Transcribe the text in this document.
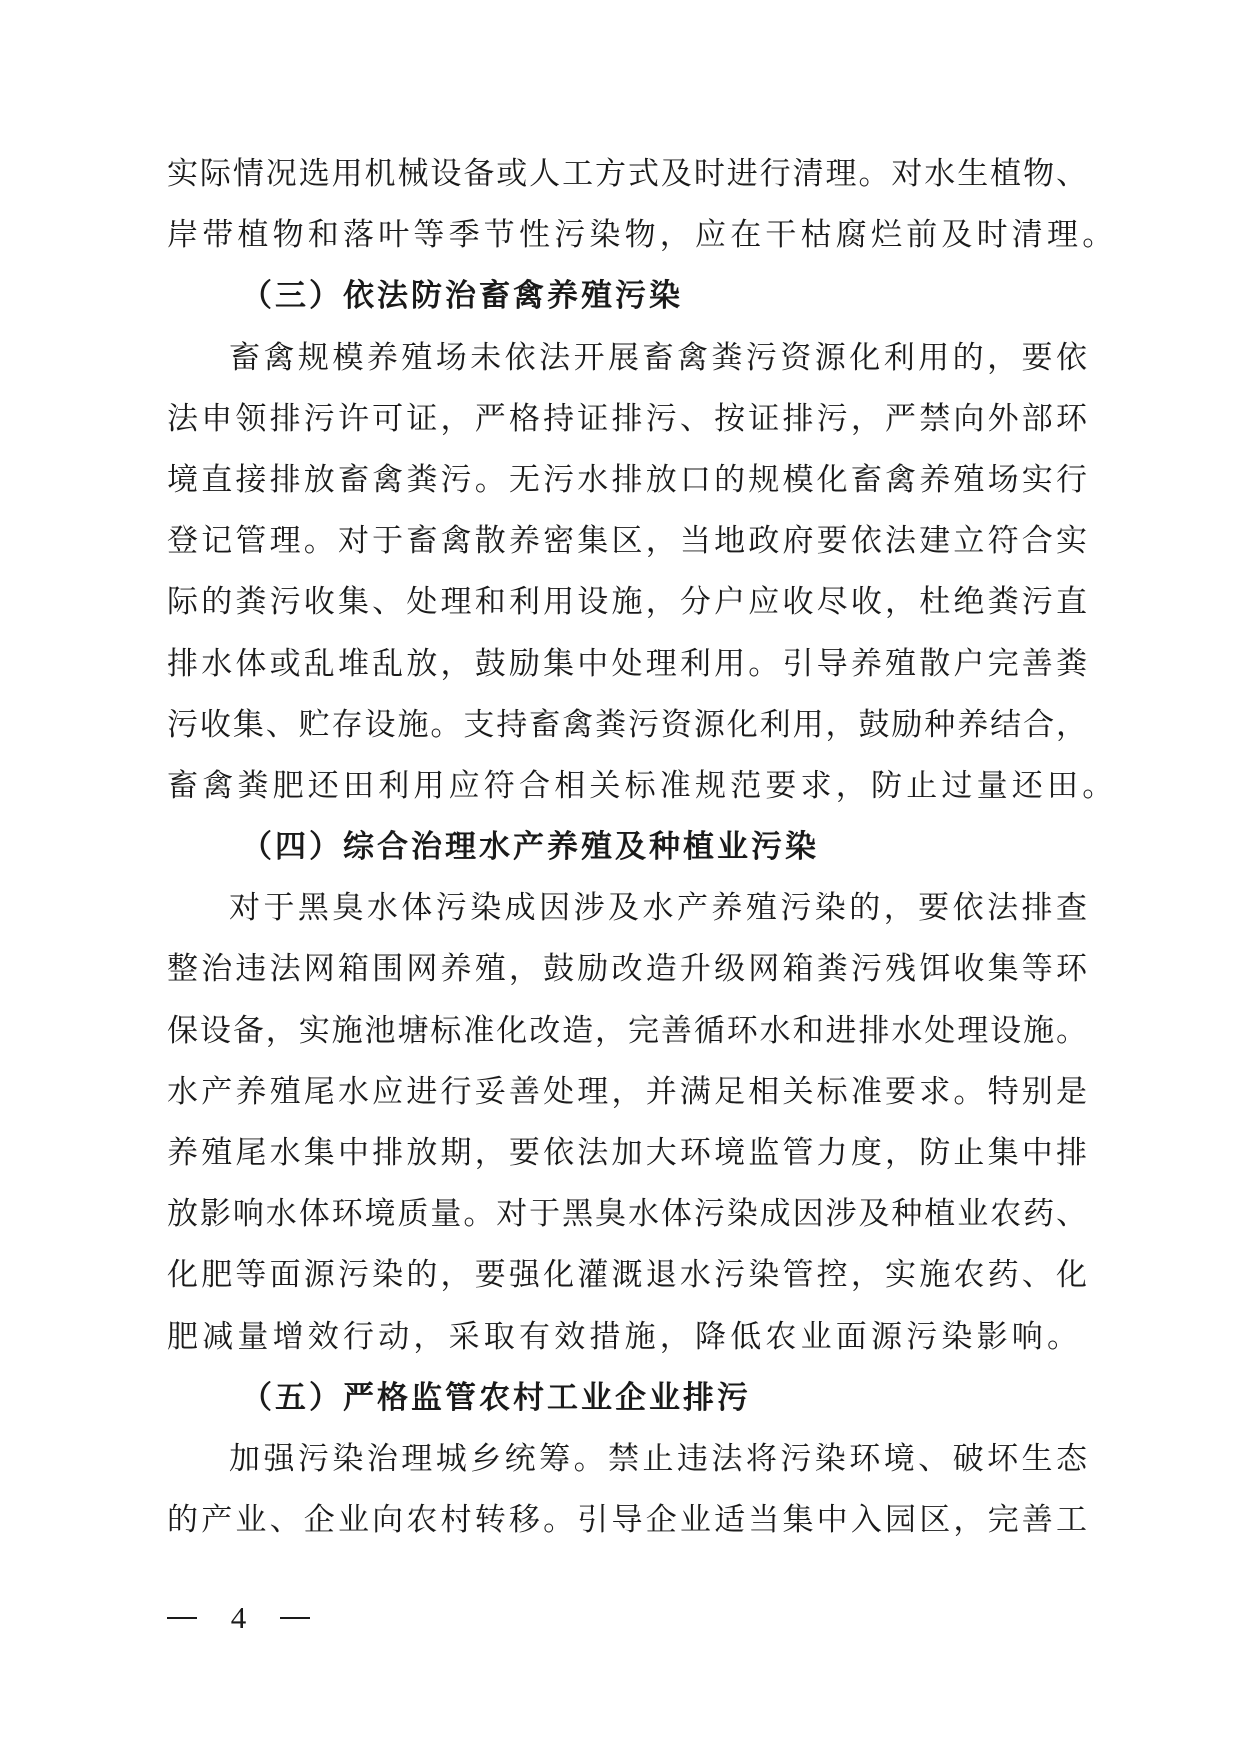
实际情况选用机械设备或人工方式及时进行清理。对水生植物、
岸带植物和落叶等季节性污染物，应在干枯腐烂前及时清理。
（三）依法防治畜禽养殖污染
畜禽规模养殖场未依法开展畜禽粪污资源化利用的，要依
法申领排污许可证，严格持证排污、按证排污，严禁向外部环
境直接排放畜禽粪污。无污水排放口的规模化畜禽养殖场实行
登记管理。对于畜禽散养密集区，当地政府要依法建立符合实
际的粪污收集、处理和利用设施，分户应收尽收，杜绝粪污直
排水体或乱堆乱放，鼓励集中处理利用。引导养殖散户完善粪
污收集、贮存设施。支持畜禽粪污资源化利用，鼓励种养结合，
畜禽粪肥还田利用应符合相关标准规范要求，防止过量还田。
（四）综合治理水产养殖及种植业污染
对于黑臭水体污染成因涉及水产养殖污染的，要依法排查
整治违法网箱围网养殖，鼓励改造升级网箱粪污残饵收集等环
保设备，实施池塘标准化改造，完善循环水和进排水处理设施。
水产养殖尾水应进行妥善处理，并满足相关标准要求。特别是
养殖尾水集中排放期，要依法加大环境监管力度，防止集中排
放影响水体环境质量。对于黑臭水体污染成因涉及种植业农药、
化肥等面源污染的，要强化灌溉退水污染管控，实施农药、化
肥减量增效行动，采取有效措施，降低农业面源污染影响。
（五）严格监管农村工业企业排污
加强污染治理城乡统筹。禁止违法将污染环境、破坏生态
的产业、企业向农村转移。引导企业适当集中入园区，完善工
4
